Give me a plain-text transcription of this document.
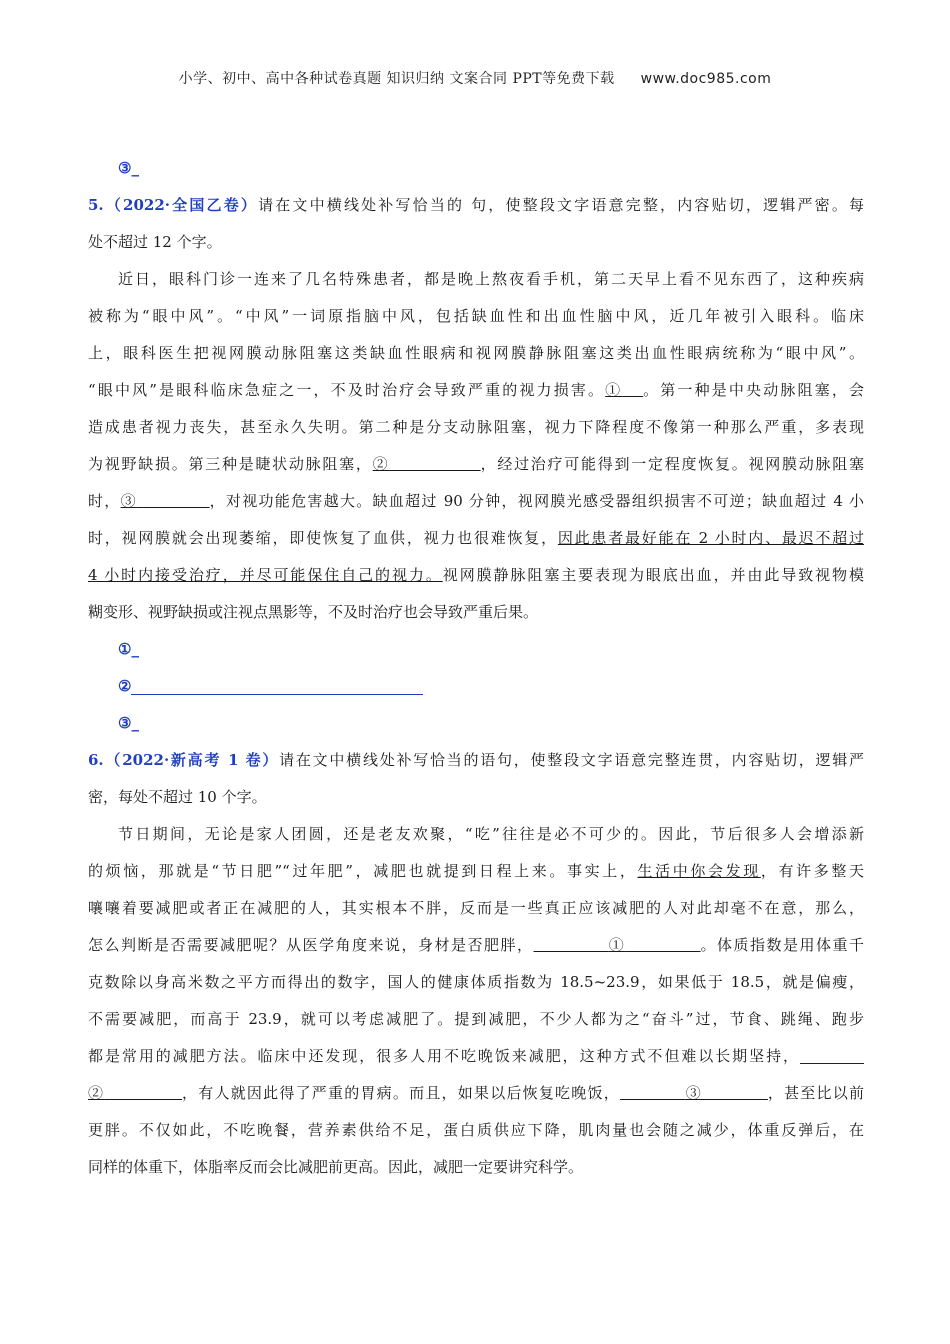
小学、初中、高中各种试卷真题 知识归纳 文案合同 PPT等免费下载 www.doc985.com
③_
5.（2022·全国乙卷）请在文中横线处补写恰当的 句，使整段文字语意完整，内容贴切，逻辑严密。每
处不超过 12 个字。
近日，眼科门诊一连来了几名特殊患者，都是晚上熬夜看手机，第二天早上看不见东西了，这种疾病
被称为“眼中风”。“中风”一词原指脑中风，包括缺血性和出血性脑中风，近几年被引入眼科。临床
上，眼科医生把视网膜动脉阻塞这类缺血性眼病和视网膜静脉阻塞这类出血性眼病统称为“眼中风”。
“眼中风”是眼科临床急症之一，不及时治疗会导致严重的视力损害。① 。第一种是中央动脉阻塞，会
造成患者视力丧失，甚至永久失明。第二种是分支动脉阻塞，视力下降程度不像第一种那么严重，多表现
为视野缺损。第三种是睫状动脉阻塞，②	，经过治疗可能得到一定程度恢复。视网膜动脉阻塞
时，③	，对视功能危害越大。缺血超过 90 分钟，视网膜光感受器组织损害不可逆；缺血超过 4 小
时，视网膜就会出现萎缩，即使恢复了血供，视力也很难恢复，因此患者最好能在 2 小时内、最迟不超过
4 小时内接受治疗，并尽可能保住自己的视力。视网膜静脉阻塞主要表现为眼底出血，并由此导致视物模
糊变形、视野缺损或注视点黑影等，不及时治疗也会导致严重后果。
①_
②
③_
6.（2022·新高考 1 卷）请在文中横线处补写恰当的语句，使整段文字语意完整连贯，内容贴切，逻辑严
密，每处不超过 10 个字。
节日期间，无论是家人团圆，还是老友欢聚，“吃”往往是必不可少的。因此，节后很多人会增添新
的烦恼，那就是“节日肥”“过年肥”，减肥也就提到日程上来。事实上，生活中你会发现，有许多整天
嚷嚷着要减肥或者正在减肥的人，其实根本不胖，反而是一些真正应该减肥的人对此却毫不在意，那么，
怎么判断是否需要减肥呢？从医学角度来说，身材是否肥胖，	①	。体质指数是用体重千
克数除以身高米数之平方而得出的数字，国人的健康体质指数为 18.5~23.9，如果低于 18.5，就是偏瘦，
不需要减肥，而高于 23.9，就可以考虑减肥了。提到减肥，不少人都为之“奋斗”过，节食、跳绳、跑步
都是常用的减肥方法。临床中还发现，很多人用不吃晚饭来减肥，这种方式不但难以长期坚持，
②	，有人就因此得了严重的胃病。而且，如果以后恢复吃晚饭，	③	，甚至比以前
更胖。不仅如此，不吃晚餐，营养素供给不足，蛋白质供应下降，肌肉量也会随之减少，体重反弹后，在
同样的体重下，体脂率反而会比减肥前更高。因此，减肥一定要讲究科学。
